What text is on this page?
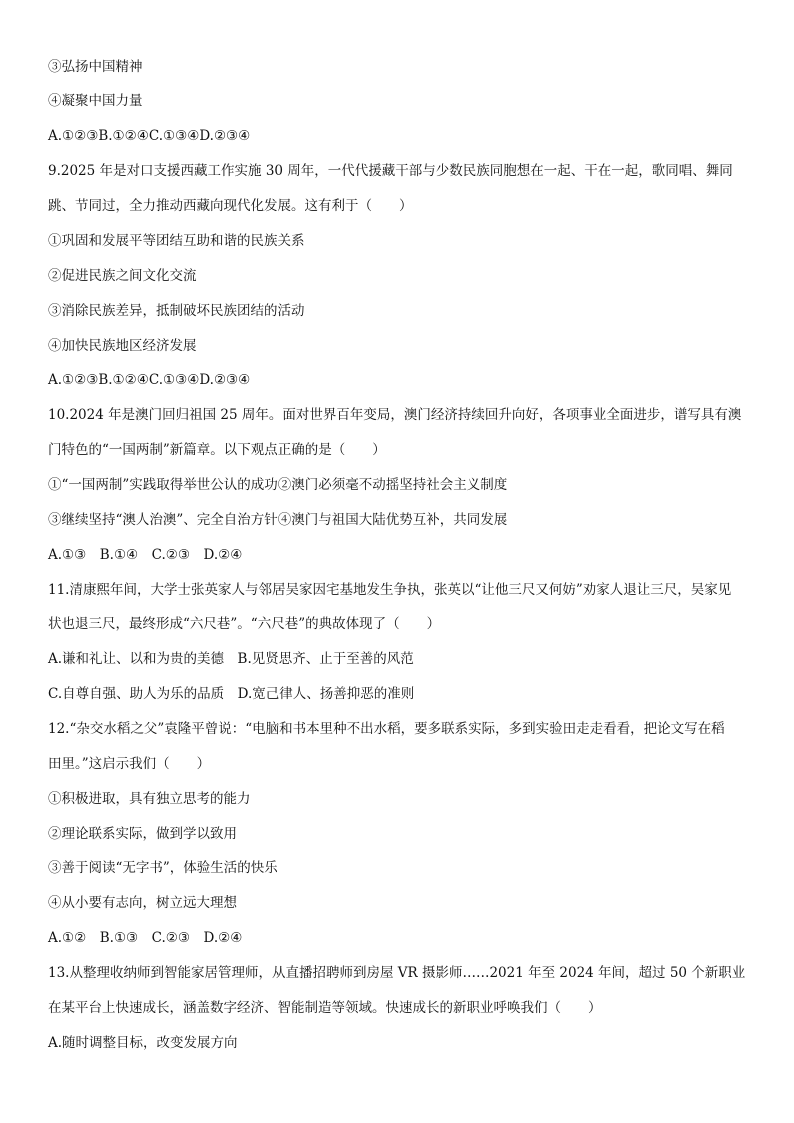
③弘扬中国精神
④凝聚中国力量
A.①②③B.①②④C.①③④D.②③④
9.2025 年是对口支援西藏工作实施 30 周年，一代代援藏干部与少数民族同胞想在一起、干在一起，歌同唱、舞同
跳、节同过，全力推动西藏向现代化发展。这有利于（　　）
①巩固和发展平等团结互助和谐的民族关系
②促进民族之间文化交流
③消除民族差异，抵制破坏民族团结的活动
④加快民族地区经济发展
A.①②③B.①②④C.①③④D.②③④
10.2024 年是澳门回归祖国 25 周年。面对世界百年变局，澳门经济持续回升向好，各项事业全面进步，谱写具有澳
门特色的“一国两制”新篇章。以下观点正确的是（　　）
①“一国两制”实践取得举世公认的成功②澳门必须毫不动摇坚持社会主义制度
③继续坚持“澳人治澳”、完全自治方针④澳门与祖国大陆优势互补，共同发展
A.①③　B.①④　C.②③　D.②④
11.清康熙年间，大学士张英家人与邻居吴家因宅基地发生争执，张英以“让他三尺又何妨”劝家人退让三尺，吴家见
状也退三尺，最终形成“六尺巷”。“六尺巷”的典故体现了（　　）
A.谦和礼让、以和为贵的美德　B.见贤思齐、止于至善的风范
C.自尊自强、助人为乐的品质　D.宽己律人、扬善抑恶的准则
12.“杂交水稻之父”袁隆平曾说：“电脑和书本里种不出水稻，要多联系实际，多到实验田走走看看，把论文写在稻
田里。”这启示我们（　　）
①积极进取，具有独立思考的能力
②理论联系实际，做到学以致用
③善于阅读“无字书”，体验生活的快乐
④从小要有志向，树立远大理想
A.①②　B.①③　C.②③　D.②④
13.从整理收纳师到智能家居管理师，从直播招聘师到房屋 VR 摄影师……2021 年至 2024 年间，超过 50 个新职业
在某平台上快速成长，涵盖数字经济、智能制造等领域。快速成长的新职业呼唤我们（　　）
A.随时调整目标，改变发展方向
